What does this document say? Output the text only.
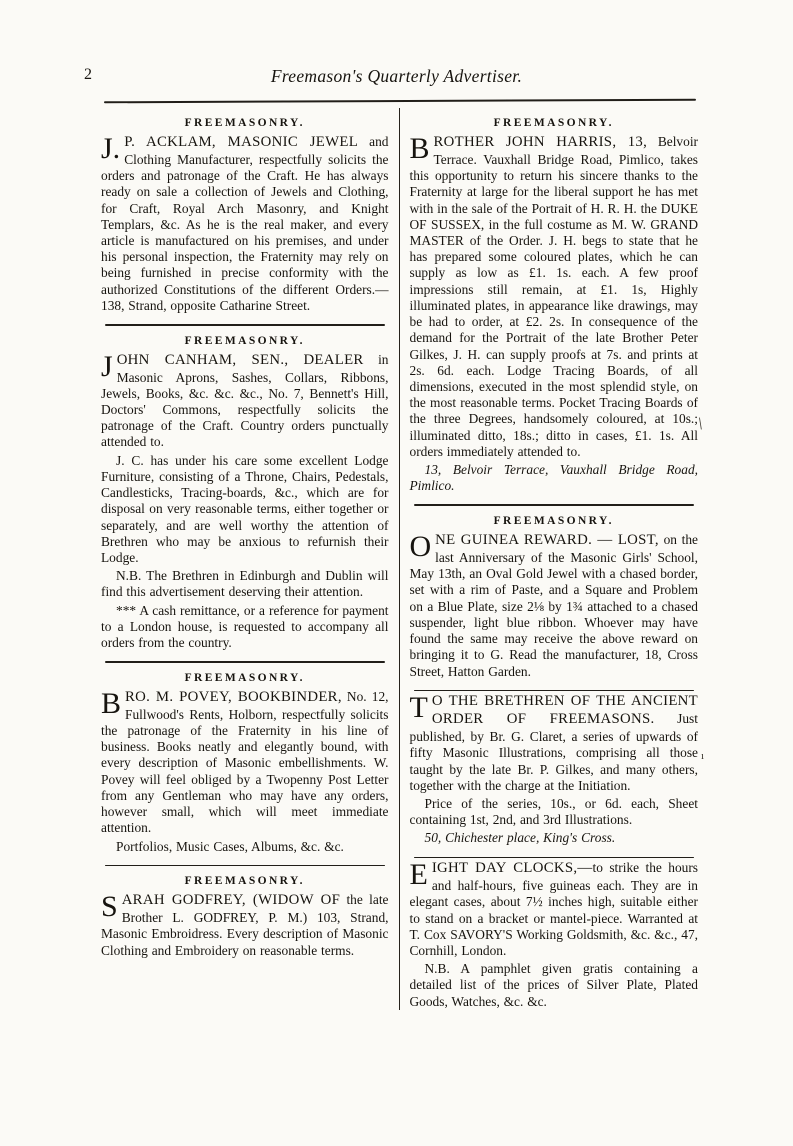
2	Freemason's Quarterly Advertiser.
FREEMASONRY.

J. P. ACKLAM, MASONIC JEWEL and Clothing Manufacturer, respectfully solicits the orders and patronage of the Craft. He has always ready on sale a collection of Jewels and Clothing, for Craft, Royal Arch Masonry, and Knight Templars, &c. As he is the real maker, and every article is manufactured on his premises, and under his personal inspection, the Fraternity may rely on being furnished in precise conformity with the authorized Constitutions of the different Orders.—138, Strand, opposite Catharine Street.

FREEMASONRY.

JOHN CANHAM, SEN., DEALER in Masonic Aprons, Sashes, Collars, Ribbons, Jewels, Books, &c. &c. &c., No. 7, Bennett's Hill, Doctors' Commons, respectfully solicits the patronage of the Craft. Country orders punctually attended to.

J. C. has under his care some excellent Lodge Furniture, consisting of a Throne, Chairs, Pedestals, Candlesticks, Tracing-boards, &c., which are for disposal on very reasonable terms, either together or separately, and are well worthy the attention of Brethren who may be anxious to refurnish their Lodge.

N.B. The Brethren in Edinburgh and Dublin will find this advertisement deserving their attention.

*** A cash remittance, or a reference for payment to a London house, is requested to accompany all orders from the country.

FREEMASONRY.

BRO. M. POVEY, BOOKBINDER, No. 12, Fullwood's Rents, Holborn, respectfully solicits the patronage of the Fraternity in his line of business. Books neatly and elegantly bound, with every description of Masonic embellishments. W. Povey will feel obliged by a Twopenny Post Letter from any Gentleman who may have any orders, however small, which will meet immediate attention.

Portfolios, Music Cases, Albums, &c. &c.

FREEMASONRY.

SARAH GODFREY, (WIDOW OF the late Brother L. GODFREY, P. M.) 103, Strand, Masonic Embroidress. Every description of Masonic Clothing and Embroidery on reasonable terms.

FREEMASONRY.

BROTHER JOHN HARRIS, 13, Belvoir Terrace. Vauxhall Bridge Road, Pimlico, takes this opportunity to return his sincere thanks to the Fraternity at large for the liberal support he has met with in the sale of the Portrait of H. R. H. the DUKE OF SUSSEX, in the full costume as M. W. GRAND MASTER of the Order. J. H. begs to state that he has prepared some coloured plates, which he can supply as low as £1. 1s. each. A few proof impressions still remain, at £1. 1s, Highly illuminated plates, in appearance like drawings, may be had to order, at £2. 2s. In consequence of the demand for the Portrait of the late Brother Peter Gilkes, J. H. can supply proofs at 7s. and prints at 2s. 6d. each. Lodge Tracing Boards, of all dimensions, executed in the most splendid style, on the most reasonable terms. Pocket Tracing Boards of the three Degrees, handsomely coloured, at 10s.; illuminated ditto, 18s.; ditto in cases, £1. 1s. All orders immediately attended to.

13, Belvoir Terrace, Vauxhall Bridge Road, Pimlico.

FREEMASONRY.

ONE GUINEA REWARD. — LOST, on the last Anniversary of the Masonic Girls' School, May 13th, an Oval Gold Jewel with a chased border, set with a rim of Paste, and a Square and Problem on a Blue Plate, size 2⅛ by 1¾ attached to a chased suspender, light blue ribbon. Whoever may have found the same may receive the above reward on bringing it to G. Read the manufacturer, 18, Cross Street, Hatton Garden.

T O THE BRETHREN OF THE ANCIENT ORDER OF FREEMASONS. Just published, by Br. G. Claret, a series of upwards of fifty Masonic Illustrations, comprising all those taught by the late Br. P. Gilkes, and many others, together with the charge at the Initiation.

Price of the series, 10s., or 6d. each, Sheet containing 1st, 2nd, and 3rd Illustrations.

50, Chichester place, King's Cross.

EIGHT DAY CLOCKS,—to strike the hours and half-hours, five guineas each. They are in elegant cases, about 7½ inches high, suitable either to stand on a bracket or mantel-piece. Warranted at T. Cox SAVORY'S Working Goldsmith, &c. &c., 47, Cornhill, London.

N.B. A pamphlet given gratis containing a detailed list of the prices of Silver Plate, Plated Goods, Watches, &c. &c.

\
ı
